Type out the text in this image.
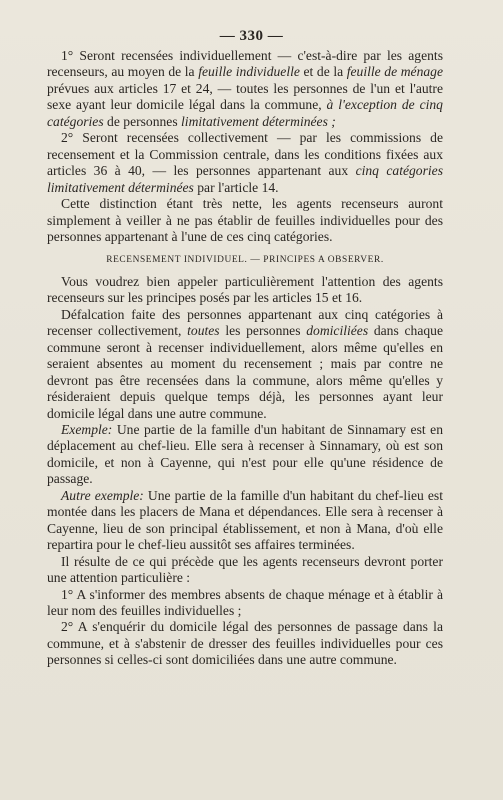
— 330 —

1° Seront recensées individuellement — c'est-à-dire par les agents recenseurs, au moyen de la feuille individuelle et de la feuille de ménage prévues aux articles 17 et 24, — toutes les personnes de l'un et l'autre sexe ayant leur domicile légal dans la commune, à l'exception de cinq catégories de personnes limitativement déterminées ;

2° Seront recensées collectivement — par les commissions de recensement et la Commission centrale, dans les conditions fixées aux articles 36 à 40, — les personnes appartenant aux cinq catégories limitativement déterminées par l'article 14.

Cette distinction étant très nette, les agents recenseurs auront simplement à veiller à ne pas établir de feuilles individuelles pour des personnes appartenant à l'une de ces cinq catégories.

RECENSEMENT INDIVIDUEL. — PRINCIPES A OBSERVER.

Vous voudrez bien appeler particulièrement l'attention des agents recenseurs sur les principes posés par les articles 15 et 16.

Défalcation faite des personnes appartenant aux cinq catégories à recenser collectivement, toutes les personnes domiciliées dans chaque commune seront à recenser individuellement, alors même qu'elles en seraient absentes au moment du recensement ; mais par contre ne devront pas être recensées dans la commune, alors même qu'elles y résideraient depuis quelque temps déjà, les personnes ayant leur domicile légal dans une autre commune.

Exemple: Une partie de la famille d'un habitant de Sinnamary est en déplacement au chef-lieu. Elle sera à recenser à Sinnamary, où est son domicile, et non à Cayenne, qui n'est pour elle qu'une résidence de passage.

Autre exemple: Une partie de la famille d'un habitant du chef-lieu est montée dans les placers de Mana et dépendances. Elle sera à recenser à Cayenne, lieu de son principal établissement, et non à Mana, d'où elle repartira pour le chef-lieu aussitôt ses affaires terminées.

Il résulte de ce qui précède que les agents recenseurs devront porter une attention particulière :

1° A s'informer des membres absents de chaque ménage et à établir à leur nom des feuilles individuelles ;

2° A s'enquérir du domicile légal des personnes de passage dans la commune, et à s'abstenir de dresser des feuilles individuelles pour ces personnes si celles-ci sont domiciliées dans une autre commune.
